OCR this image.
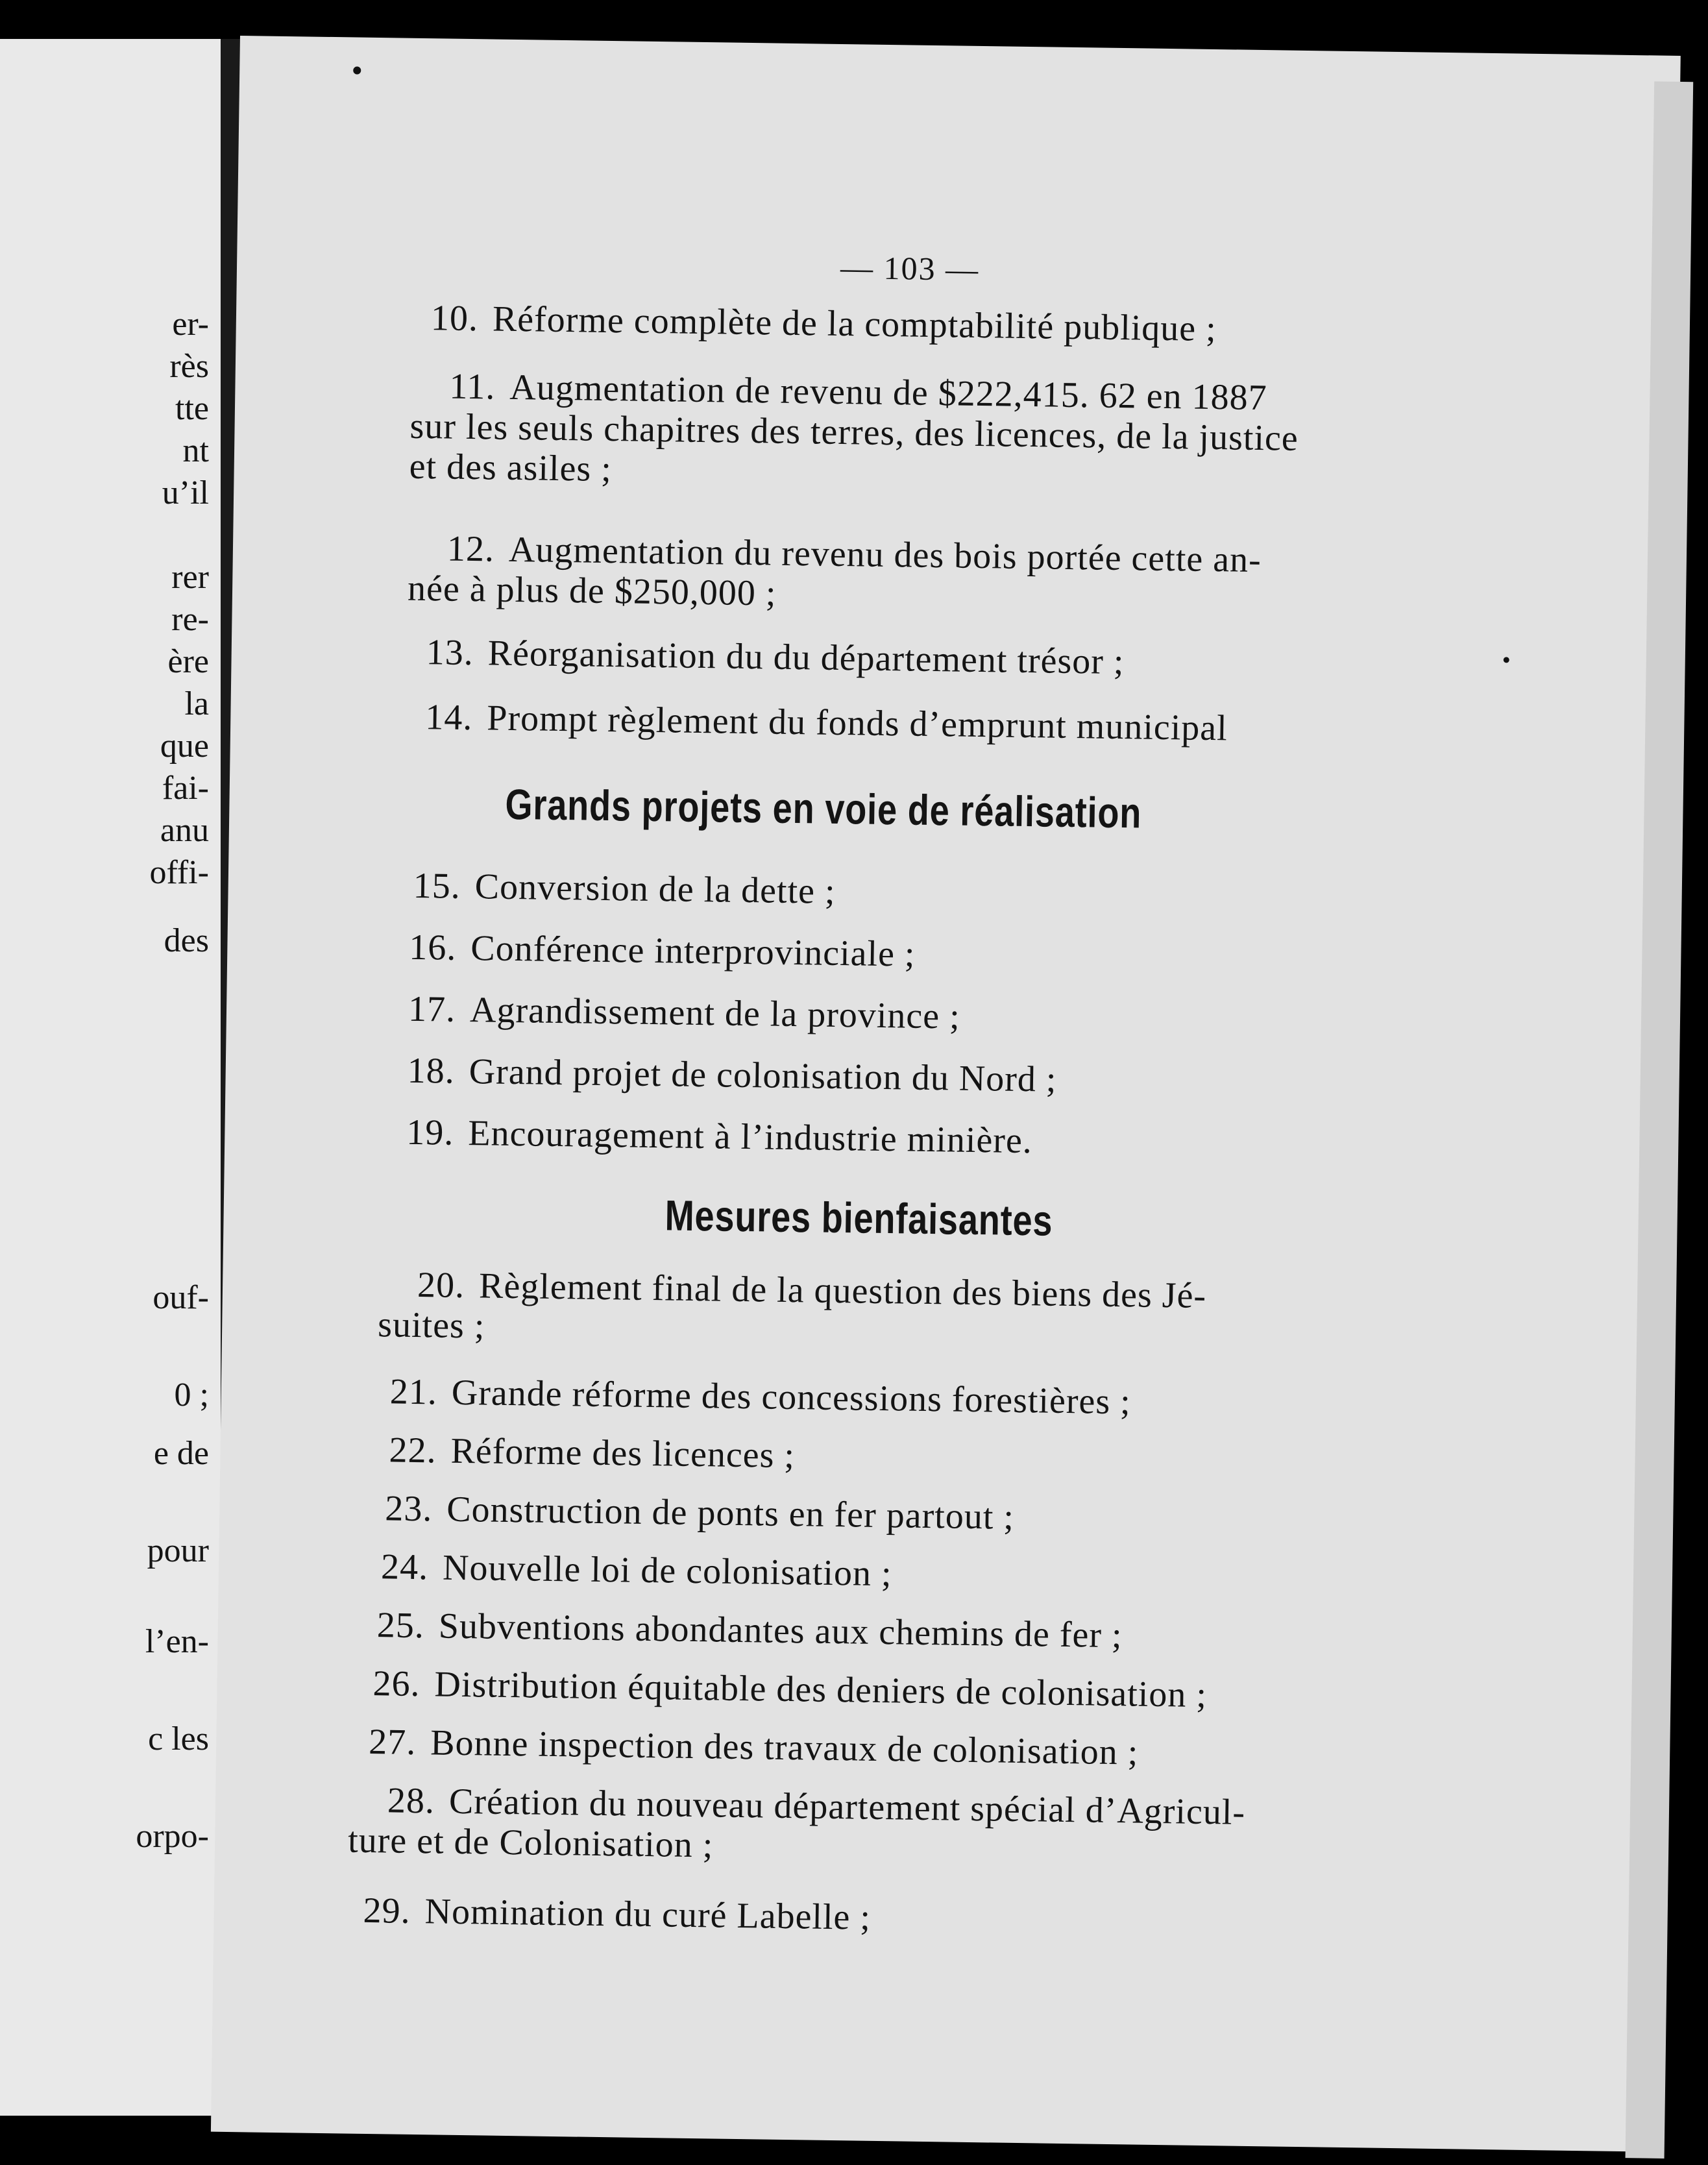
er-
rès
tte
nt
u’il
rer
re-
ère
la
que
fai-
anu
offi-
des
ouf-
0 ;
e de
pour
l’en-
c les
orpo-
— 103 —
10. Réforme complète de la comptabilité publique ;
11. Augmentation de revenu de $222,415. 62 en 1887
sur les seuls chapitres des terres, des licences, de la justice
et des asiles ;
12. Augmentation du revenu des bois portée cette an-
née à plus de $250,000 ;
13. Réorganisation du du département trésor ;
14. Prompt règlement du fonds d’emprunt municipal
Grands projets en voie de réalisation
15. Conversion de la dette ;
16. Conférence interprovinciale ;
17. Agrandissement de la province ;
18. Grand projet de colonisation du Nord ;
19. Encouragement à l’industrie minière.
Mesures bienfaisantes
20. Règlement final de la question des biens des Jé-
suites ;
21. Grande réforme des concessions forestières ;
22. Réforme des licences ;
23. Construction de ponts en fer partout ;
24. Nouvelle loi de colonisation ;
25. Subventions abondantes aux chemins de fer ;
26. Distribution équitable des deniers de colonisation ;
27. Bonne inspection des travaux de colonisation ;
28. Création du nouveau département spécial d’Agricul-
ture et de Colonisation ;
29. Nomination du curé Labelle ;
